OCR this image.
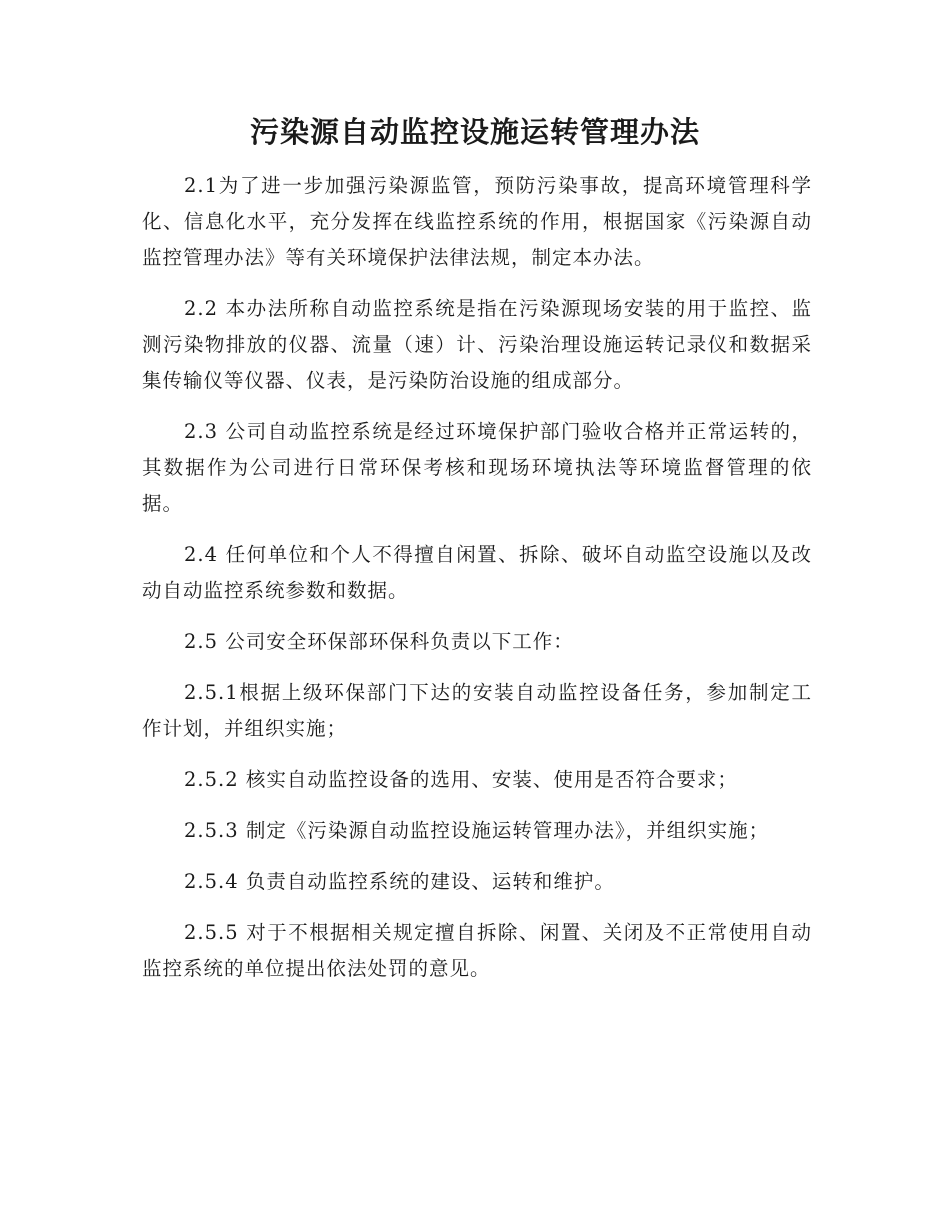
污染源自动监控设施运转管理办法

2.1为了进一步加强污染源监管，预防污染事故，提高环境管理科学化、信息化水平，充分发挥在线监控系统的作用，根据国家《污染源自动监控管理办法》等有关环境保护法律法规，制定本办法。

2.2 本办法所称自动监控系统是指在污染源现场安装的用于监控、监测污染物排放的仪器、流量（速）计、污染治理设施运转记录仪和数据采集传输仪等仪器、仪表，是污染防治设施的组成部分。

2.3 公司自动监控系统是经过环境保护部门验收合格并正常运转的，其数据作为公司进行日常环保考核和现场环境执法等环境监督管理的依据。

2.4 任何单位和个人不得擅自闲置、拆除、破坏自动监空设施以及改动自动监控系统参数和数据。

2.5 公司安全环保部环保科负责以下工作：

2.5.1根据上级环保部门下达的安装自动监控设备任务，参加制定工作计划，并组织实施；

2.5.2 核实自动监控设备的选用、安装、使用是否符合要求；

2.5.3 制定《污染源自动监控设施运转管理办法》，并组织实施；

2.5.4 负责自动监控系统的建设、运转和维护。

2.5.5 对于不根据相关规定擅自拆除、闲置、关闭及不正常使用自动监控系统的单位提出依法处罚的意见。
